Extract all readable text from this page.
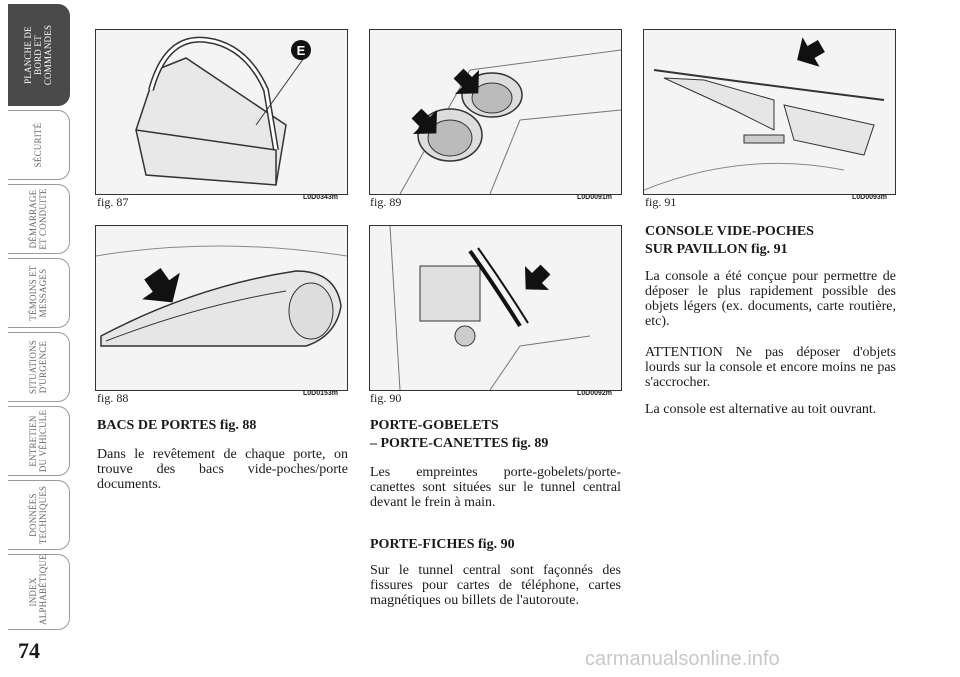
PLANCHE DE
BORD ET
COMMANDES
SÉCURITÉ
DÉMARRAGE
ET CONDUITE
TÉMOINS ET
MESSAGES
SITUATIONS
D'URGENCE
ENTRETIEN
DU VÉHICULE
DONNÉES
TECHNIQUES
INDEX
ALPHABÉTIQUE
74
E
fig. 87	L0D0343m
fig. 88	L0D0153m
fig. 89	L0D0091m
fig. 90	L0D0092m
fig. 91	L0D0093m
BACS DE PORTES fig. 88
Dans le revêtement de chaque porte, on trouve des bacs vide-poches/porte documents.
PORTE-GOBELETS
– PORTE-CANETTES fig. 89
Les empreintes porte-gobelets/porte-canettes sont situées sur le tunnel central devant le frein à main.
PORTE-FICHES fig. 90
Sur le tunnel central sont façonnés des fissures pour cartes de téléphone, cartes magnétiques ou billets de l'autoroute.
CONSOLE VIDE-POCHES
SUR PAVILLON fig. 91
La console a été conçue pour permettre de déposer le plus rapidement possible des objets légers (ex. documents, carte routière, etc).
ATTENTION Ne pas déposer d'objets lourds sur la console et encore moins ne pas s'accrocher.
La console est alternative au toit ouvrant.
carmanualsonline.info
